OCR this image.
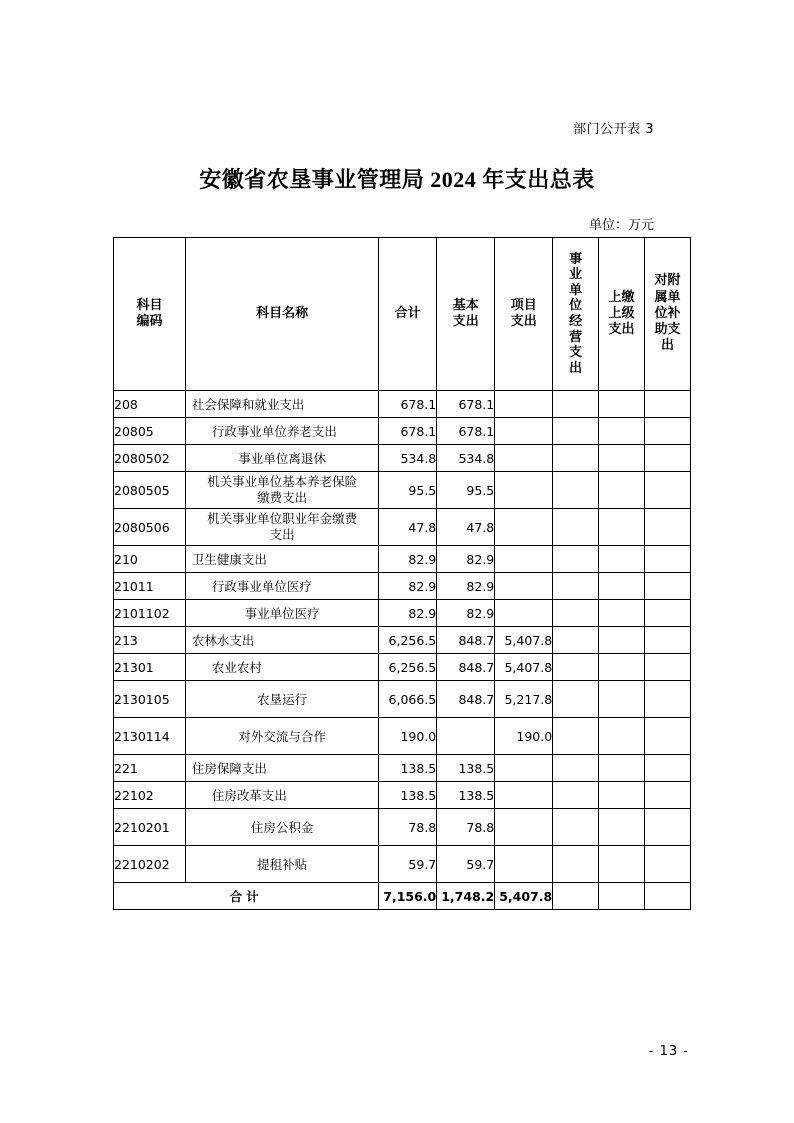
部门公开表 3
安徽省农垦事业管理局 2024 年支出总表
单位：万元
科目编码	科目名称	合计	基本支出	项目支出	事业单位经营支出	上缴上级支出	对附属单位补助支出

208	社会保障和就业支出	678.1	678.1				
20805	行政事业单位养老支出	678.1	678.1				
2080502	事业单位离退休	534.8	534.8				
2080505	机关事业单位基本养老保险缴费支出	95.5	95.5				
2080506	机关事业单位职业年金缴费支出	47.8	47.8				
210	卫生健康支出	82.9	82.9				
21011	行政事业单位医疗	82.9	82.9				
2101102	事业单位医疗	82.9	82.9				
213	农林水支出	6,256.5	848.7	5,407.8			
21301	农业农村	6,256.5	848.7	5,407.8			
2130105	农垦运行	6,066.5	848.7	5,217.8			
2130114	对外交流与合作	190.0		190.0			
221	住房保障支出	138.5	138.5				
22102	住房改革支出	138.5	138.5				
2210201	住房公积金	78.8	78.8				
2210202	提租补贴	59.7	59.7				
合计		7,156.0	1,748.2	5,407.8			
- 13 -
